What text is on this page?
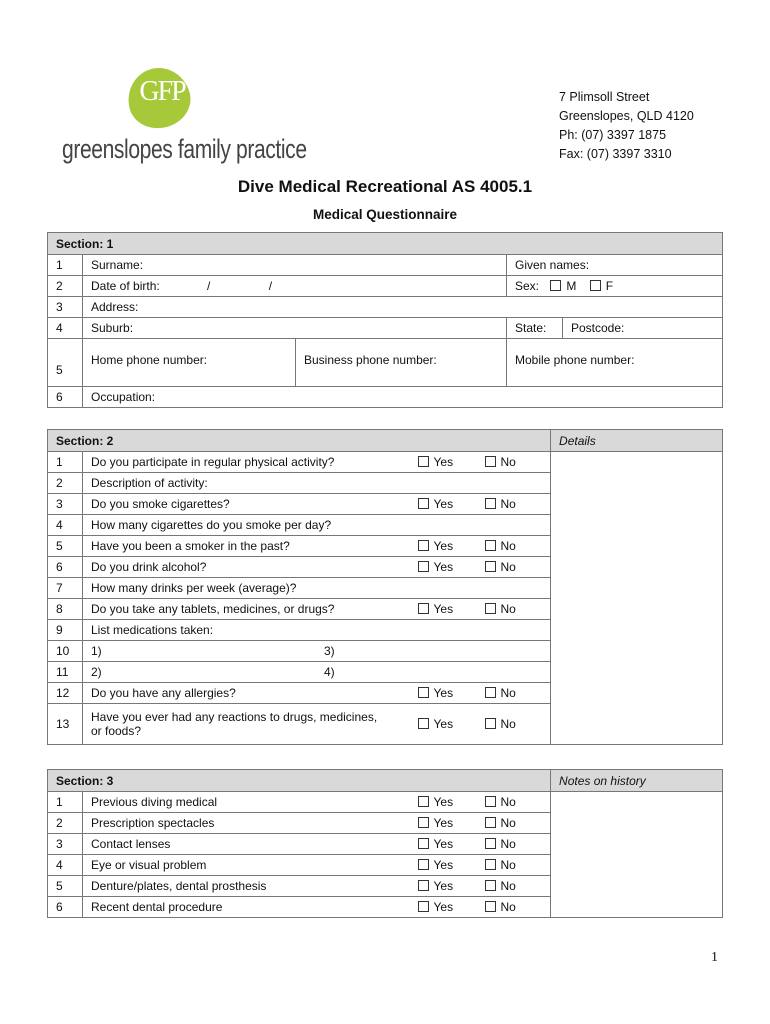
GFP
greenslopes family practice
7 Plimsoll Street
Greenslopes, QLD 4120
Ph: (07) 3397 1875
Fax: (07) 3397 3310
Dive Medical Recreational AS 4005.1
Medical Questionnaire
Section: 1				
1	Surname:		Given names:	
2	Date of birth: / /		Sex: M F	
3	Address:			
4	Suburb:		State:	Postcode:
5	Home phone number:	Business phone number:	Mobile phone number:	
6	Occupation:			
Section: 2				Details
1	Do you participate in regular physical activity?	Yes	No	
2	Description of activity:			
3	Do you smoke cigarettes?	Yes	No	
4	How many cigarettes do you smoke per day?			
5	Have you been a smoker in the past?	Yes	No	
6	Do you drink alcohol?	Yes	No	
7	How many drinks per week (average)?			
8	Do you take any tablets, medicines, or drugs?	Yes	No	
9	List medications taken:			
10	1) 3)			
11	2) 4)			
12	Do you have any allergies?	Yes	No	
13	Have you ever had any reactions to drugs, medicines,
or foods?	Yes	No	
Section: 3				Notes on history
1	Previous diving medical	Yes	No	
2	Prescription spectacles	Yes	No	
3	Contact lenses	Yes	No	
4	Eye or visual problem	Yes	No	
5	Denture/plates, dental prosthesis	Yes	No	
6	Recent dental procedure	Yes	No	
1
